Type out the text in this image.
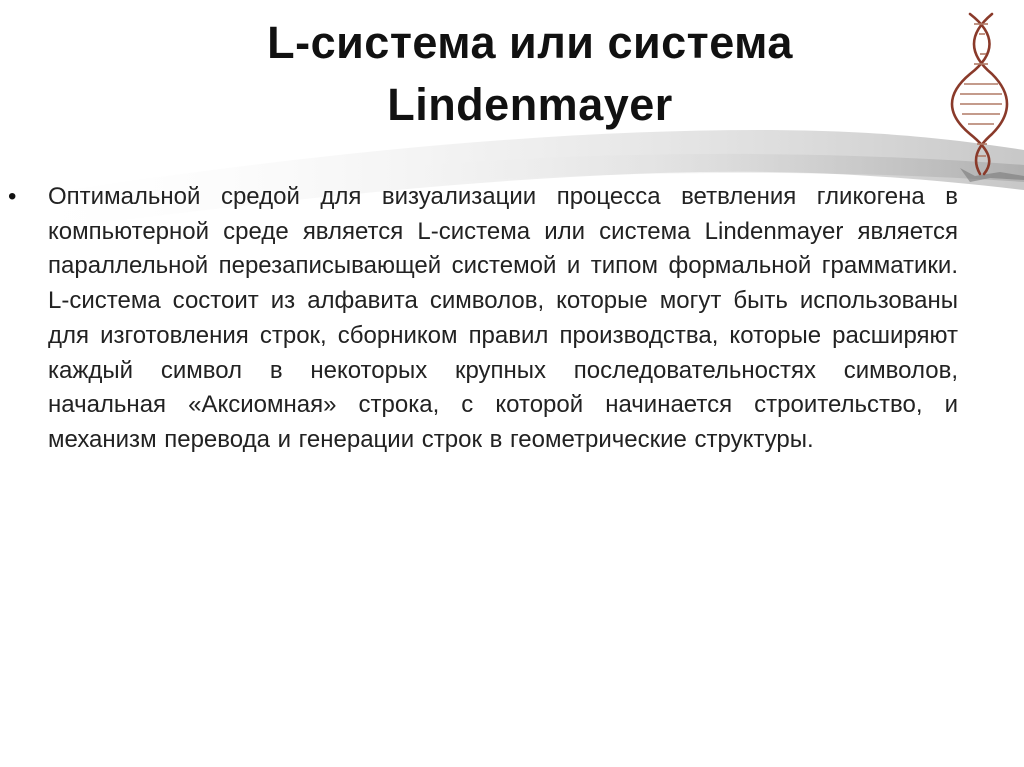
L-система или система
Lindenmayer
•	Оптимальной средой для визуализации процесса ветвления гликогена в компьютерной среде является L-система или система Lindenmayer является параллельной перезаписывающей системой и типом формальной грамматики. L-система состоит из алфавита символов, которые могут быть использованы для изготовления строк, сборником правил производства, которые расширяют каждый символ в некоторых крупных последовательностях символов, начальная «Аксиомная» строка, с которой начинается строительство, и механизм перевода и генерации строк в геометрические структуры.
